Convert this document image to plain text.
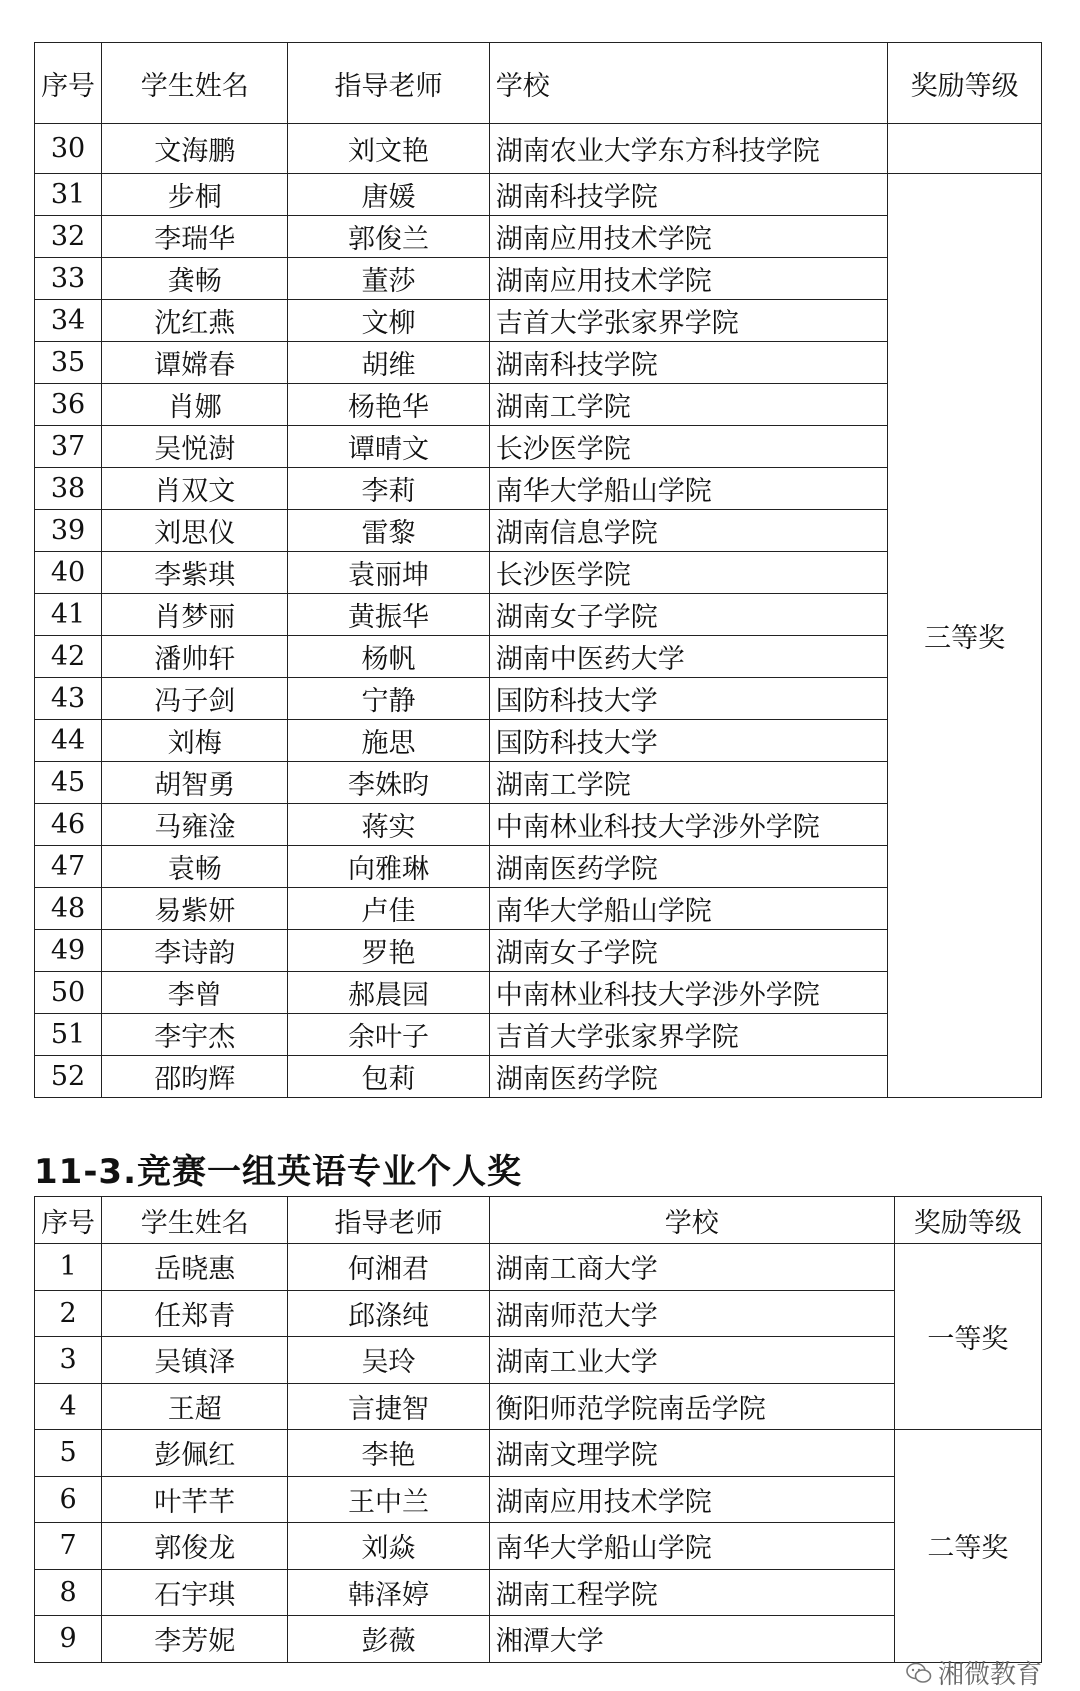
序号	学生姓名	指导老师	学校	奖励等级
30	文海鹏	刘文艳	湖南农业大学东方科技学院	
31	步桐	唐媛	湖南科技学院	三等奖
32	李瑞华	郭俊兰	湖南应用技术学院	
33	龚畅	董莎	湖南应用技术学院	
34	沈红燕	文柳	吉首大学张家界学院	
35	谭嫦春	胡维	湖南科技学院	
36	肖娜	杨艳华	湖南工学院	
37	吴悦澍	谭晴文	长沙医学院	
38	肖双文	李莉	南华大学船山学院	
39	刘思仪	雷黎	湖南信息学院	
40	李紫琪	袁丽坤	长沙医学院	
41	肖梦丽	黄振华	湖南女子学院	
42	潘帅轩	杨帆	湖南中医药大学	
43	冯子剑	宁静	国防科技大学	
44	刘梅	施思	国防科技大学	
45	胡智勇	李姝昀	湖南工学院	
46	马雍淦	蒋实	中南林业科技大学涉外学院	
47	袁畅	向雅琳	湖南医药学院	
48	易紫妍	卢佳	南华大学船山学院	
49	李诗韵	罗艳	湖南女子学院	
50	李曾	郝晨园	中南林业科技大学涉外学院	
51	李宇杰	余叶子	吉首大学张家界学院	
52	邵昀辉	包莉	湖南医药学院	
11-3.竞赛一组英语专业个人奖
序号	学生姓名	指导老师	学校	奖励等级
1	岳晓惠	何湘君	湖南工商大学	一等奖
2	任郑青	邱涤纯	湖南师范大学	
3	吴镇泽	吴玲	湖南工业大学	
4	王超	言捷智	衡阳师范学院南岳学院	
5	彭佩红	李艳	湖南文理学院	二等奖
6	叶芊芊	王中兰	湖南应用技术学院	
7	郭俊龙	刘焱	南华大学船山学院	
8	石宇琪	韩泽婷	湖南工程学院	
9	李芳妮	彭薇	湘潭大学	
湘微教育
